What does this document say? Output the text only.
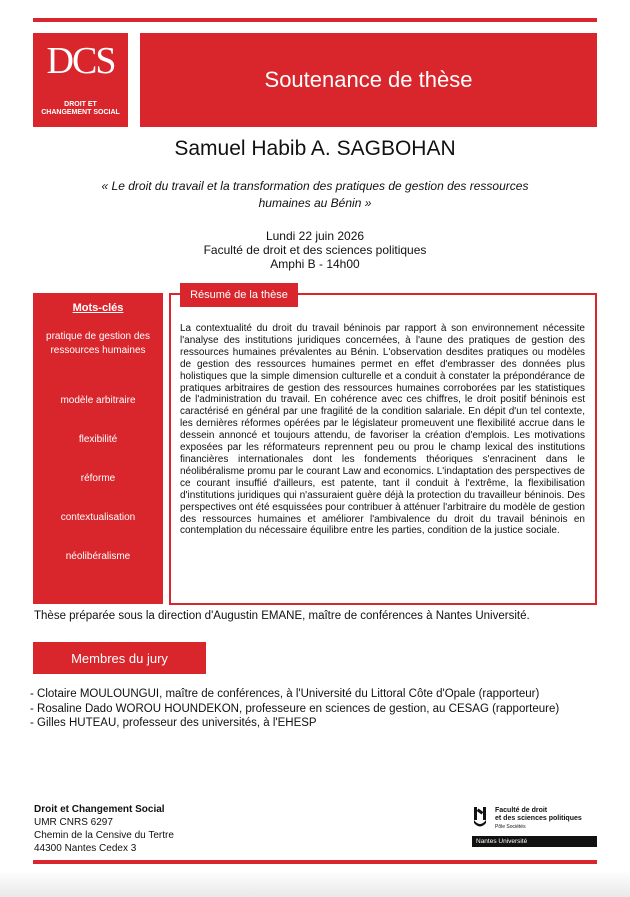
DCS
DROIT ET
CHANGEMENT SOCIAL
Soutenance de thèse
Samuel Habib A. SAGBOHAN
« Le droit du travail et la transformation des pratiques de gestion des ressources humaines au Bénin »
Lundi 22 juin 2026
Faculté de droit et des sciences politiques
Amphi B - 14h00
Mots-clés
pratique de gestion des ressources humaines
modèle arbitraire
flexibilité
réforme
contextualisation
néolibéralisme
Résumé de la thèse
La contextualité du droit du travail béninois par rapport à son environnement nécessite l'analyse des institutions juridiques concernées, à l'aune des pratiques de gestion des ressources humaines prévalentes au Bénin. L'observation desdites pratiques ou modèles de gestion des ressources humaines permet en effet d'embrasser des données plus holistiques que la simple dimension culturelle et a conduit à constater la prépondérance de pratiques arbitraires de gestion des ressources humaines corroborées par les statistiques de l'administration du travail. En cohérence avec ces chiffres, le droit positif béninois est caractérisé en général par une fragilité de la condition salariale. En dépit d'un tel contexte, les dernières réformes opérées par le législateur promeuvent une flexibilité accrue dans le dessein annoncé et toujours attendu, de favoriser la création d'emplois. Les motivations exposées par les réformateurs reprennent peu ou prou le champ lexical des institutions financières internationales dont les fondements théoriques s'enracinent dans le néolibéralisme promu par le courant Law and economics. L'indaptation des perspectives de ce courant insuffié d'ailleurs, est patente, tant il conduit à l'extrême, la flexibilisation d'institutions juridiques qui n'assuraient guère déjà la protection du travailleur béninois. Des perspectives ont été esquissées pour contribuer à atténuer l'arbitraire du modèle de gestion des ressources humaines et améliorer l'ambivalence du droit du travail béninois en contemplation du nécessaire équilibre entre les parties, condition de la justice sociale.
Thèse préparée sous la direction d'Augustin EMANE, maître de conférences à Nantes Université.
Membres du jury
- Clotaire MOULOUNGUI, maître de conférences, à l'Université du Littoral Côte d'Opale (rapporteur)
- Rosaline Dado WOROU HOUNDEKON, professeure en sciences de gestion, au CESAG (rapporteure)
- Gilles HUTEAU, professeur des universités, à l'EHESP
Droit et Changement Social
UMR CNRS 6297
Chemin de la Censive du Tertre
44300 Nantes Cedex 3
Faculté de droit
et des sciences politiques
Pôle Sociétés
Nantes Université
